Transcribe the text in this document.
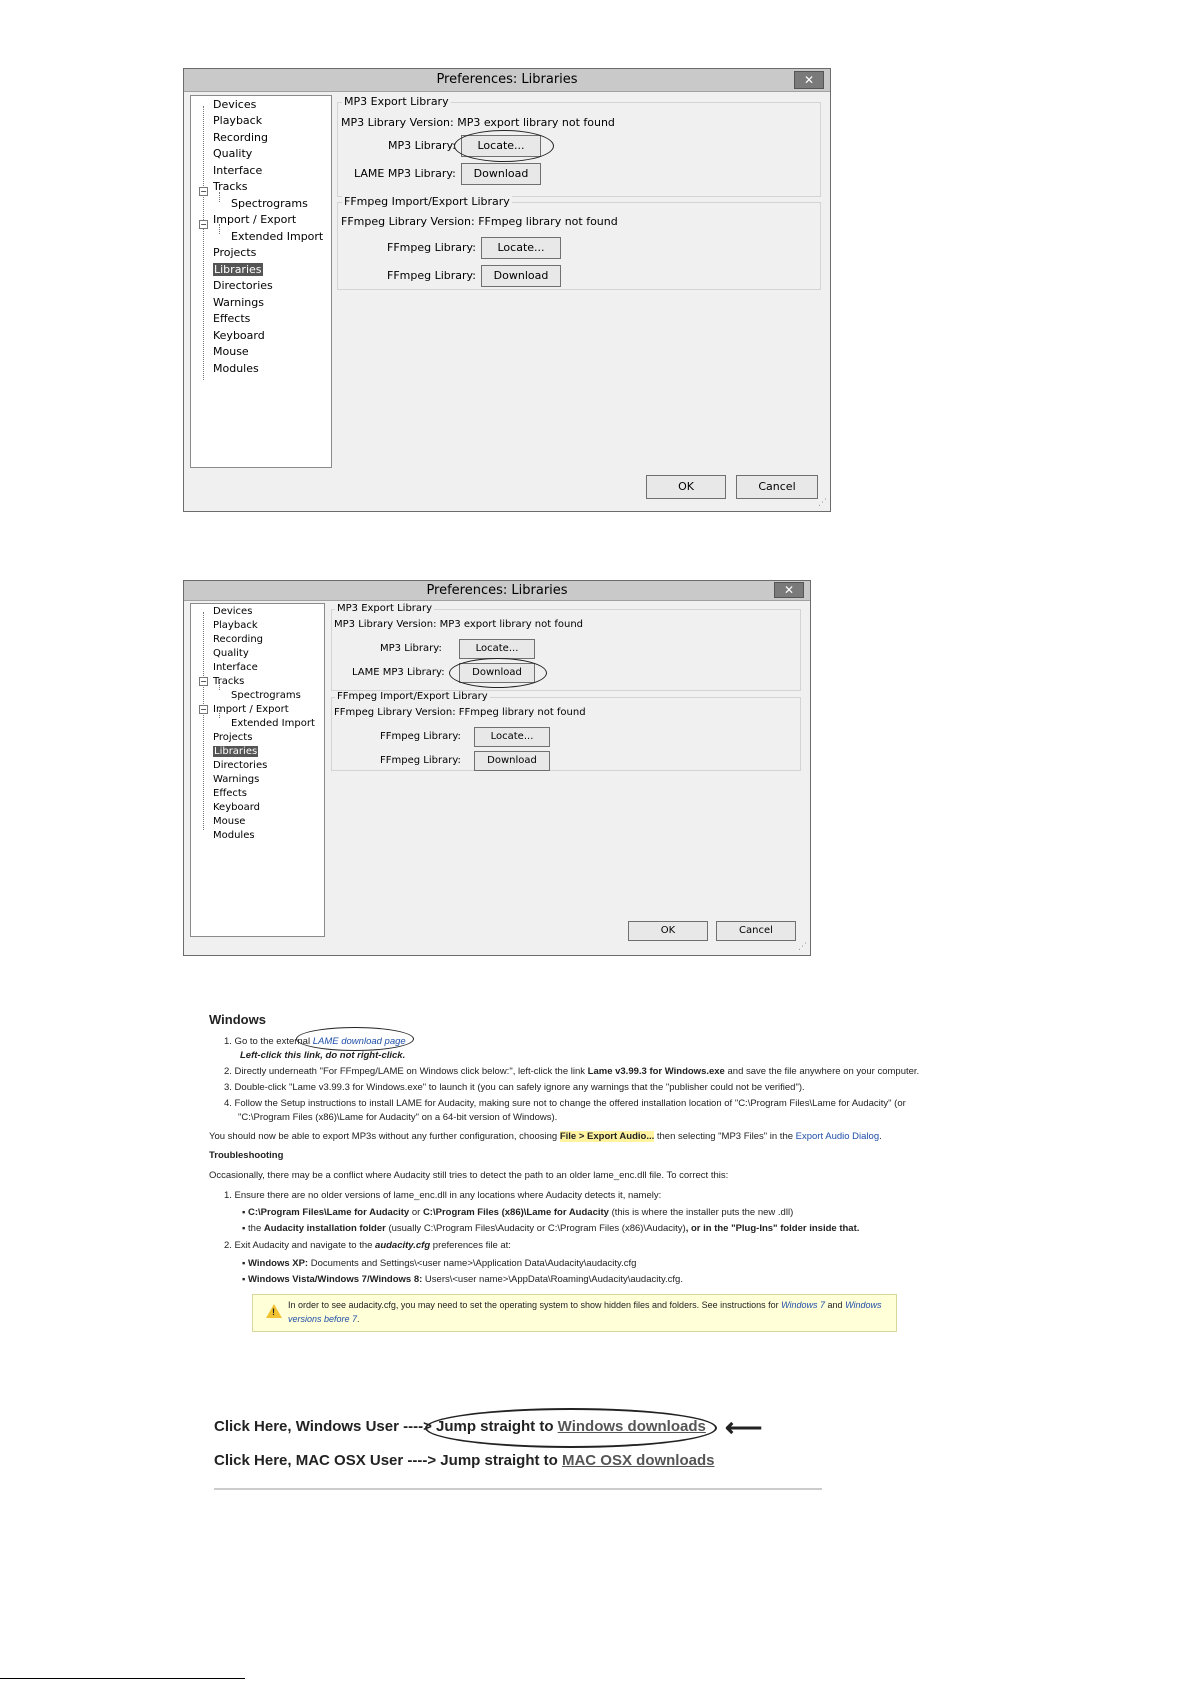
Preferences: Libraries	✕
−
−
Devices
Playback
Recording
Quality
Interface
Tracks
Spectrograms
Import / Export
Extended Import
Projects
Libraries
Directories
Warnings
Effects
Keyboard
Mouse
Modules
MP3 Export Library
MP3 Library Version: MP3 export library not found
MP3 Library:	Locate...
LAME MP3 Library:	Download
FFmpeg Import/Export Library
FFmpeg Library Version: FFmpeg library not found
FFmpeg Library:	Locate...
FFmpeg Library:	Download
OK	Cancel
⋰
Preferences: Libraries	✕
−
−
Devices
Playback
Recording
Quality
Interface
Tracks
Spectrograms
Import / Export
Extended Import
Projects
Libraries
Directories
Warnings
Effects
Keyboard
Mouse
Modules
MP3 Export Library
MP3 Library Version: MP3 export library not found
MP3 Library:	Locate...
LAME MP3 Library:	Download
FFmpeg Import/Export Library
FFmpeg Library Version: FFmpeg library not found
FFmpeg Library:	Locate...
FFmpeg Library:	Download
OK	Cancel
⋰
Windows
1. Go to the external LAME download page
Left-click this link, do not right-click.
2. Directly underneath "For FFmpeg/LAME on Windows click below:", left-click the link Lame v3.99.3 for Windows.exe and save the file anywhere on your computer.
3. Double-click "Lame v3.99.3 for Windows.exe" to launch it (you can safely ignore any warnings that the "publisher could not be verified").
4. Follow the Setup instructions to install LAME for Audacity, making sure not to change the offered installation location of "C:\Program Files\Lame for Audacity" (or
"C:\Program Files (x86)\Lame for Audacity" on a 64-bit version of Windows).
You should now be able to export MP3s without any further configuration, choosing File > Export Audio... then selecting "MP3 Files" in the Export Audio Dialog.
Troubleshooting
Occasionally, there may be a conflict where Audacity still tries to detect the path to an older lame_enc.dll file. To correct this:
1. Ensure there are no older versions of lame_enc.dll in any locations where Audacity detects it, namely:
▪ C:\Program Files\Lame for Audacity or C:\Program Files (x86)\Lame for Audacity (this is where the installer puts the new .dll)
▪ the Audacity installation folder (usually C:\Program Files\Audacity or C:\Program Files (x86)\Audacity), or in the "Plug-Ins" folder inside that.
2. Exit Audacity and navigate to the audacity.cfg preferences file at:
▪ Windows XP: Documents and Settings\<user name>\Application Data\Audacity\audacity.cfg
▪ Windows Vista/Windows 7/Windows 8: Users\<user name>\AppData\Roaming\Audacity\audacity.cfg.
!
In order to see audacity.cfg, you may need to set the operating system to show hidden files and folders. See instructions for Windows 7 and Windows
versions before 7.
Click Here, Windows User ----> Jump straight to Windows downloads ⟵
Click Here, MAC OSX User ----> Jump straight to MAC OSX downloads
